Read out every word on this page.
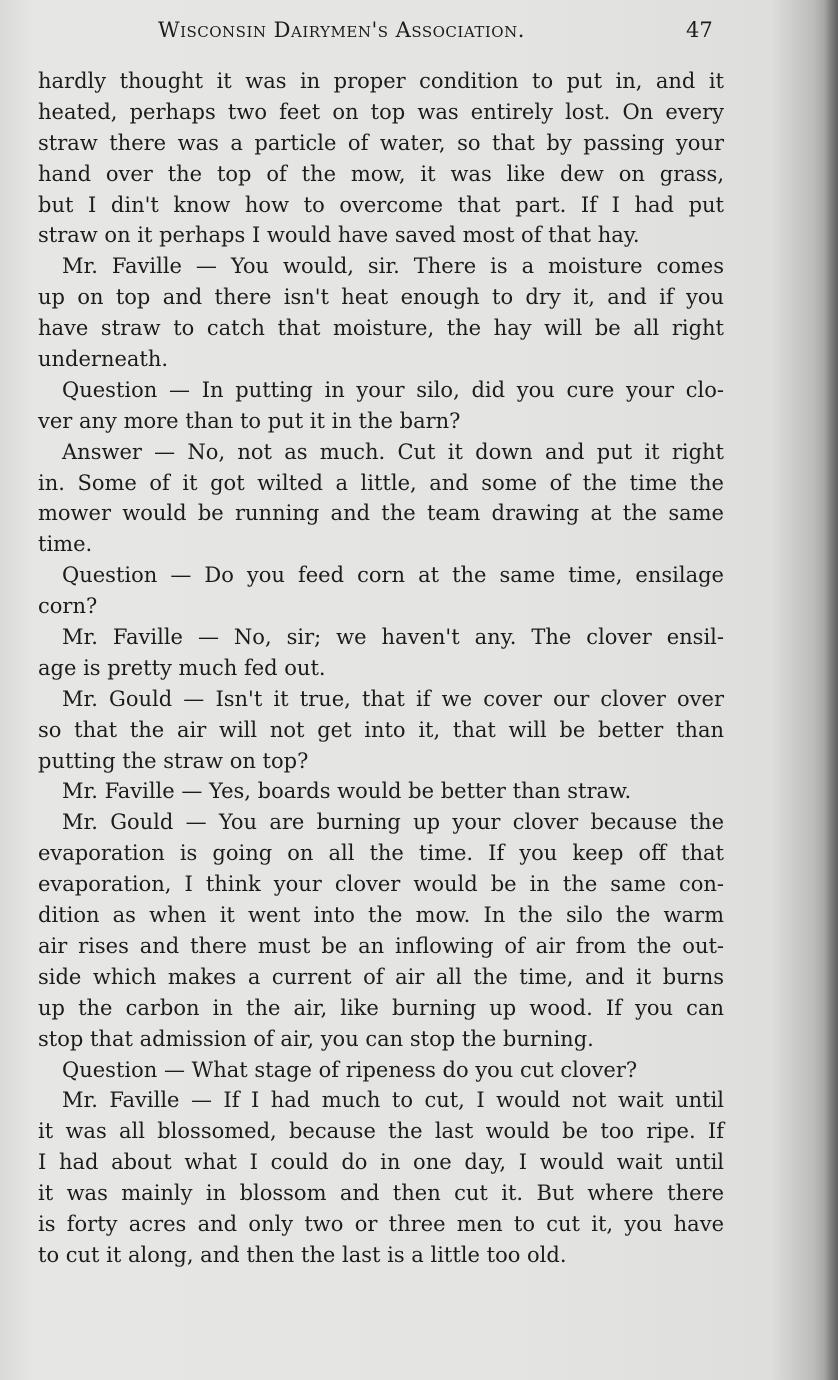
Wisconsin Dairymen's Association.	47
hardly thought it was in proper condition to put in, and it
heated, perhaps two feet on top was entirely lost. On every
straw there was a particle of water, so that by passing your
hand over the top of the mow, it was like dew on grass,
but I din't know how to overcome that part. If I had put
straw on it perhaps I would have saved most of that hay.
Mr. Faville — You would, sir. There is a moisture comes
up on top and there isn't heat enough to dry it, and if you
have straw to catch that moisture, the hay will be all right
underneath.
Question — In putting in your silo, did you cure your clo-
ver any more than to put it in the barn?
Answer — No, not as much. Cut it down and put it right
in. Some of it got wilted a little, and some of the time the
mower would be running and the team drawing at the same
time.
Question — Do you feed corn at the same time, ensilage
corn?
Mr. Faville — No, sir; we haven't any. The clover ensil-
age is pretty much fed out.
Mr. Gould — Isn't it true, that if we cover our clover over
so that the air will not get into it, that will be better than
putting the straw on top?
Mr. Faville — Yes, boards would be better than straw.
Mr. Gould — You are burning up your clover because the
evaporation is going on all the time. If you keep off that
evaporation, I think your clover would be in the same con-
dition as when it went into the mow. In the silo the warm
air rises and there must be an inflowing of air from the out-
side which makes a current of air all the time, and it burns
up the carbon in the air, like burning up wood. If you can
stop that admission of air, you can stop the burning.
Question — What stage of ripeness do you cut clover?
Mr. Faville — If I had much to cut, I would not wait until
it was all blossomed, because the last would be too ripe. If
I had about what I could do in one day, I would wait until
it was mainly in blossom and then cut it. But where there
is forty acres and only two or three men to cut it, you have
to cut it along, and then the last is a little too old.
